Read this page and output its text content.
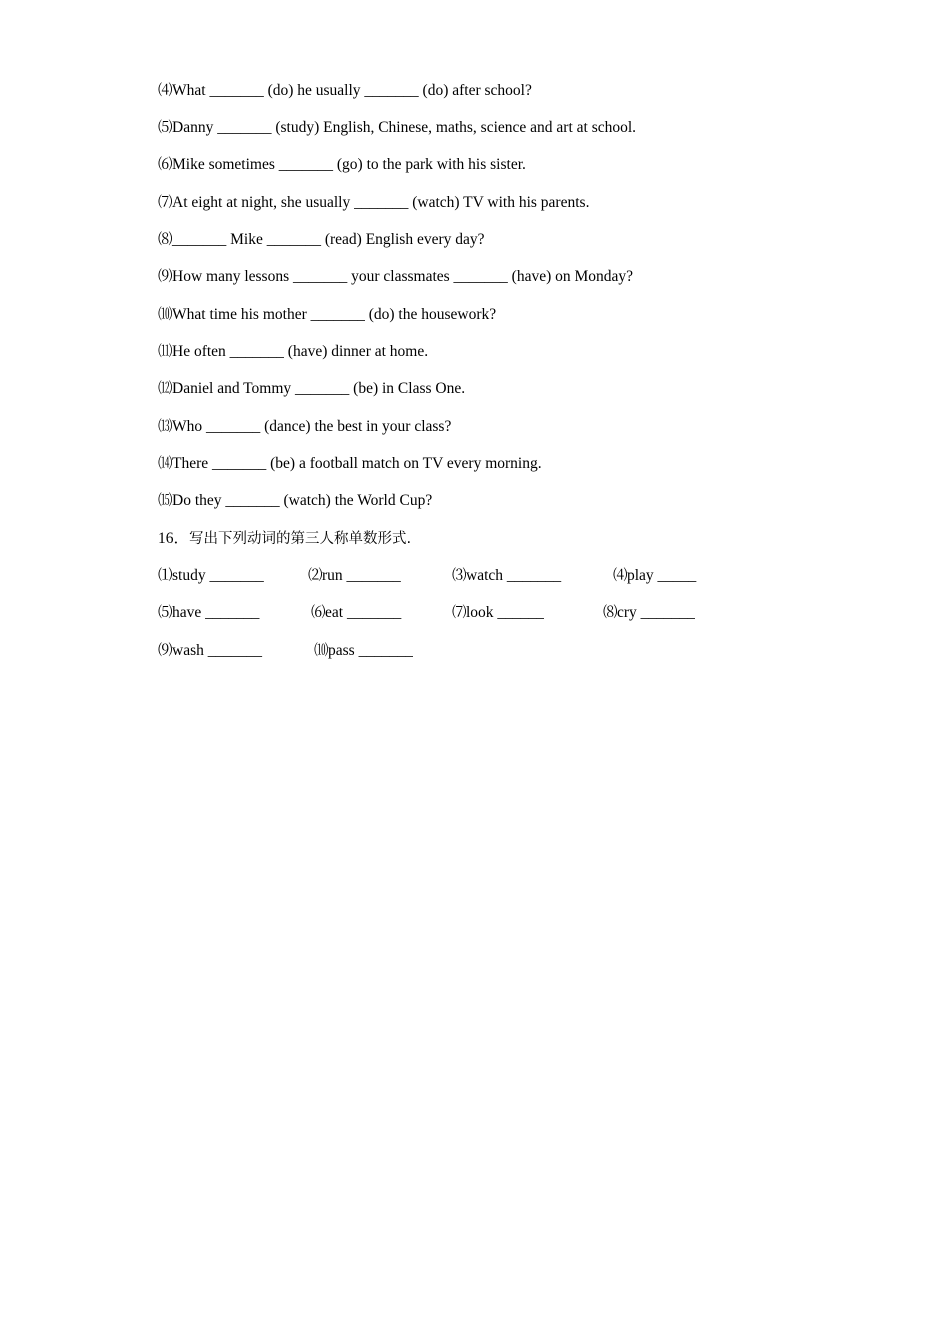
⑷What _______ (do) he usually _______ (do) after school?
⑸Danny _______ (study) English, Chinese, maths, science and art at school.
⑹Mike sometimes _______ (go) to the park with his sister.
⑺At eight at night, she usually _______ (watch) TV with his parents.
⑻_______ Mike _______ (read) English every day?
⑼How many lessons _______ your classmates _______ (have) on Monday?
⑽What time his mother _______ (do) the housework?
⑾He often _______ (have) dinner at home.
⑿Daniel and Tommy _______ (be) in Class One.
⒀Who _______ (dance) the best in your class?
⒁There _______ (be) a football match on TV every morning.
⒂Do they _______ (watch) the World Cup?
16．写出下列动词的第三人称单数形式.
⑴study _______	⑵run _______	⑶watch _______	⑷play _____
⑸have _______	⑹eat _______	⑺look ______	⑻cry _______
⑼wash _______	⑽pass _______
